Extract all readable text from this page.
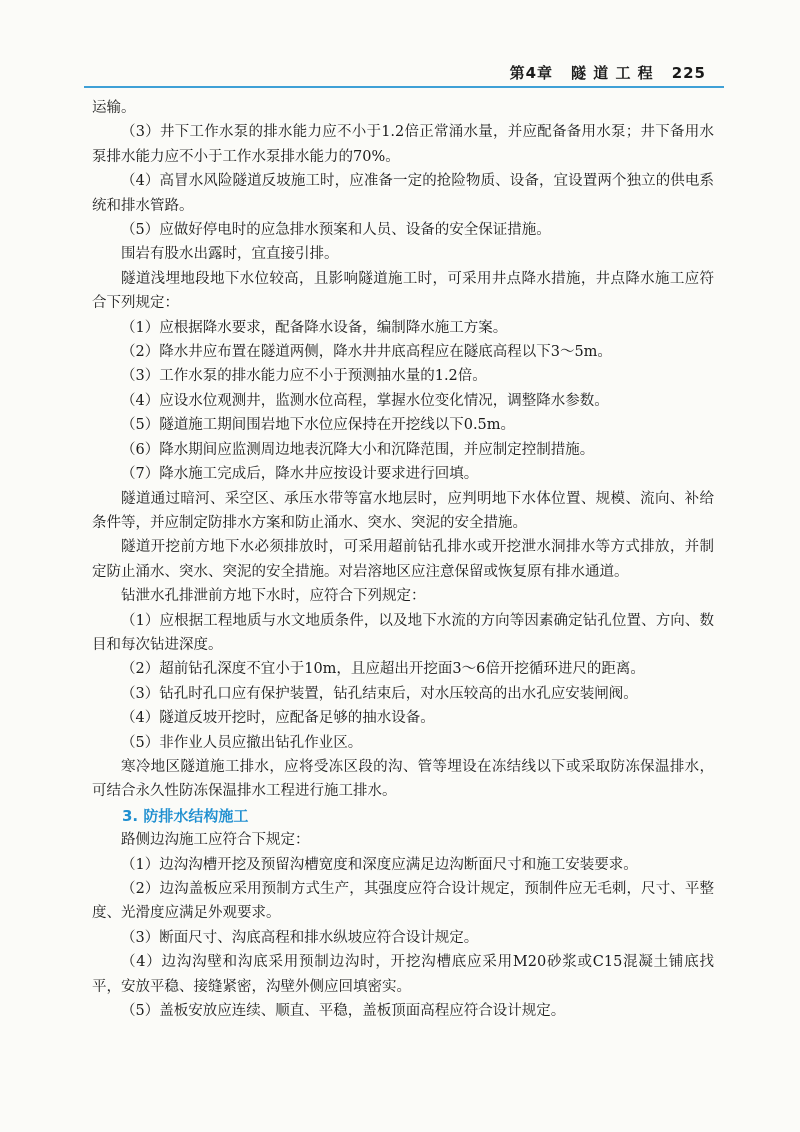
第4章 隧 道 工 程 225

运输。

（3）井下工作水泵的排水能力应不小于1.2倍正常涌水量，并应配备备用水泵；井下备用水泵排水能力应不小于工作水泵排水能力的70%。

（4）高冒水风险隧道反坡施工时，应准备一定的抢险物质、设备，宜设置两个独立的供电系统和排水管路。

（5）应做好停电时的应急排水预案和人员、设备的安全保证措施。

围岩有股水出露时，宜直接引排。

隧道浅埋地段地下水位较高，且影响隧道施工时，可采用井点降水措施，井点降水施工应符合下列规定：

（1）应根据降水要求，配备降水设备，编制降水施工方案。

（2）降水井应布置在隧道两侧，降水井井底高程应在隧底高程以下3～5m。

（3）工作水泵的排水能力应不小于预测抽水量的1.2倍。

（4）应设水位观测井，监测水位高程，掌握水位变化情况，调整降水参数。

（5）隧道施工期间围岩地下水位应保持在开挖线以下0.5m。

（6）降水期间应监测周边地表沉降大小和沉降范围，并应制定控制措施。

（7）降水施工完成后，降水井应按设计要求进行回填。

隧道通过暗河、采空区、承压水带等富水地层时，应判明地下水体位置、规模、流向、补给条件等，并应制定防排水方案和防止涌水、突水、突泥的安全措施。

隧道开挖前方地下水必须排放时，可采用超前钻孔排水或开挖泄水洞排水等方式排放，并制定防止涌水、突水、突泥的安全措施。对岩溶地区应注意保留或恢复原有排水通道。

钻泄水孔排泄前方地下水时，应符合下列规定：

（1）应根据工程地质与水文地质条件，以及地下水流的方向等因素确定钻孔位置、方向、数目和每次钻进深度。

（2）超前钻孔深度不宜小于10m，且应超出开挖面3～6倍开挖循环进尺的距离。

（3）钻孔时孔口应有保护装置，钻孔结束后，对水压较高的出水孔应安装闸阀。

（4）隧道反坡开挖时，应配备足够的抽水设备。

（5）非作业人员应撤出钻孔作业区。

寒冷地区隧道施工排水，应将受冻区段的沟、管等埋设在冻结线以下或采取防冻保温排水，可结合永久性防冻保温排水工程进行施工排水。

3. 防排水结构施工

路侧边沟施工应符合下规定：

（1）边沟沟槽开挖及预留沟槽宽度和深度应满足边沟断面尺寸和施工安装要求。

（2）边沟盖板应采用预制方式生产，其强度应符合设计规定，预制件应无毛刺，尺寸、平整度、光滑度应满足外观要求。

（3）断面尺寸、沟底高程和排水纵坡应符合设计规定。

（4）边沟沟壁和沟底采用预制边沟时，开挖沟槽底应采用M20砂浆或C15混凝土铺底找平，安放平稳、接缝紧密，沟壁外侧应回填密实。

（5）盖板安放应连续、顺直、平稳，盖板顶面高程应符合设计规定。
